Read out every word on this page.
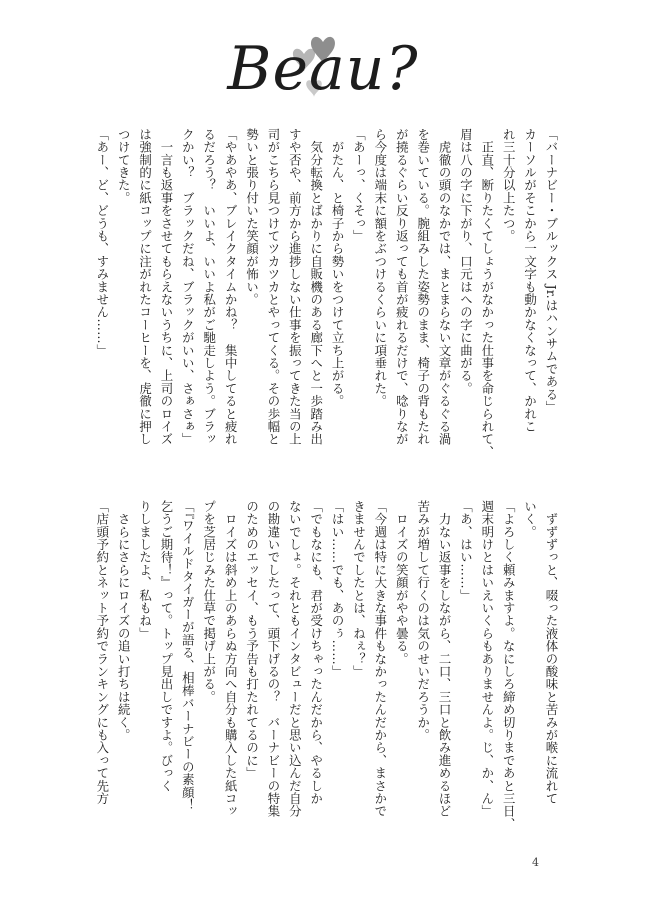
Beau?
「バーナビー・ブルックス Jr.はハンサムである」
カーソルがそこから一文字も動かなくなって、かれこ
れ三十分以上たつ。
　正直、断りたくてしょうがなかった仕事を命じられて、
眉は八の字に下がり、口元はへの字に曲がる。
　虎徹の頭のなかでは、まとまらない文章がぐるぐる渦
を巻いている。腕組みした姿勢のまま、椅子の背もたれ
が撓るぐらい反り返っても首が疲れるだけで、唸りなが
ら今度は端末に額をぶつけるくらいに項垂れた。
「あーっ、くそっ」
　がたん、と椅子から勢いをつけて立ち上がる。
　気分転換とばかりに自販機のある廊下へと一歩踏み出
すや否や、前方から進捗しない仕事を振ってきた当の上
司がこちら見つけてツカツカとやってくる。その歩幅と
勢いと張り付いた笑顔が怖い。
「やあやあ、ブレイクタイムかね？　集中してると疲れ
るだろう？　いいよ、いいよ私がご馳走しよう。ブラッ
クかい？　ブラックだね、ブラックがいい、さぁさぁ」
　一言も返事をさせてもらえないうちに、上司のロイズ
は強制的に紙コップに注がれたコーヒーを、虎徹に押し
つけてきた。
「あー、ど、どうも、すみません……」
　ずずずっと、啜った液体の酸味と苦みが喉に流れて
いく。
「よろしく頼みますよ。なにしろ締め切りまであと三日、
週末明けとはいえいくらもありませんよ。じ、か、ん」
「あ、はい……」
　力ない返事をしながら、二口、三口と飲み進めるほど
苦みが増して行くのは気のせいだろうか。
　ロイズの笑顔がやや曇る。
「今週は特に大きな事件もなかったんだから、まさかで
きませんでしたとは、ねぇ？」
「はい……でも、あのぅ……」
「でもなにも、君が受けちゃったんだから、やるしか
ないでしょ。それともインタビューだと思い込んだ自分
の勘違いでしたって、頭下げるの？　バーナビーの特集
のためのエッセイ、もう予告も打たれてるのに」
　ロイズは斜め上のあらぬ方向へ自分も購入した紙コッ
プを芝居じみた仕草で掲げ上がる。
「『ワイルドタイガーが語る、相棒バーナビーの素顔！
乞うご期待！』って。トップ見出しですよ。びっく
りしましたよ、私もね」
　さらにさらにロイズの追い打ちは続く。
「店頭予約とネット予約でランキングにも入って先方
4
